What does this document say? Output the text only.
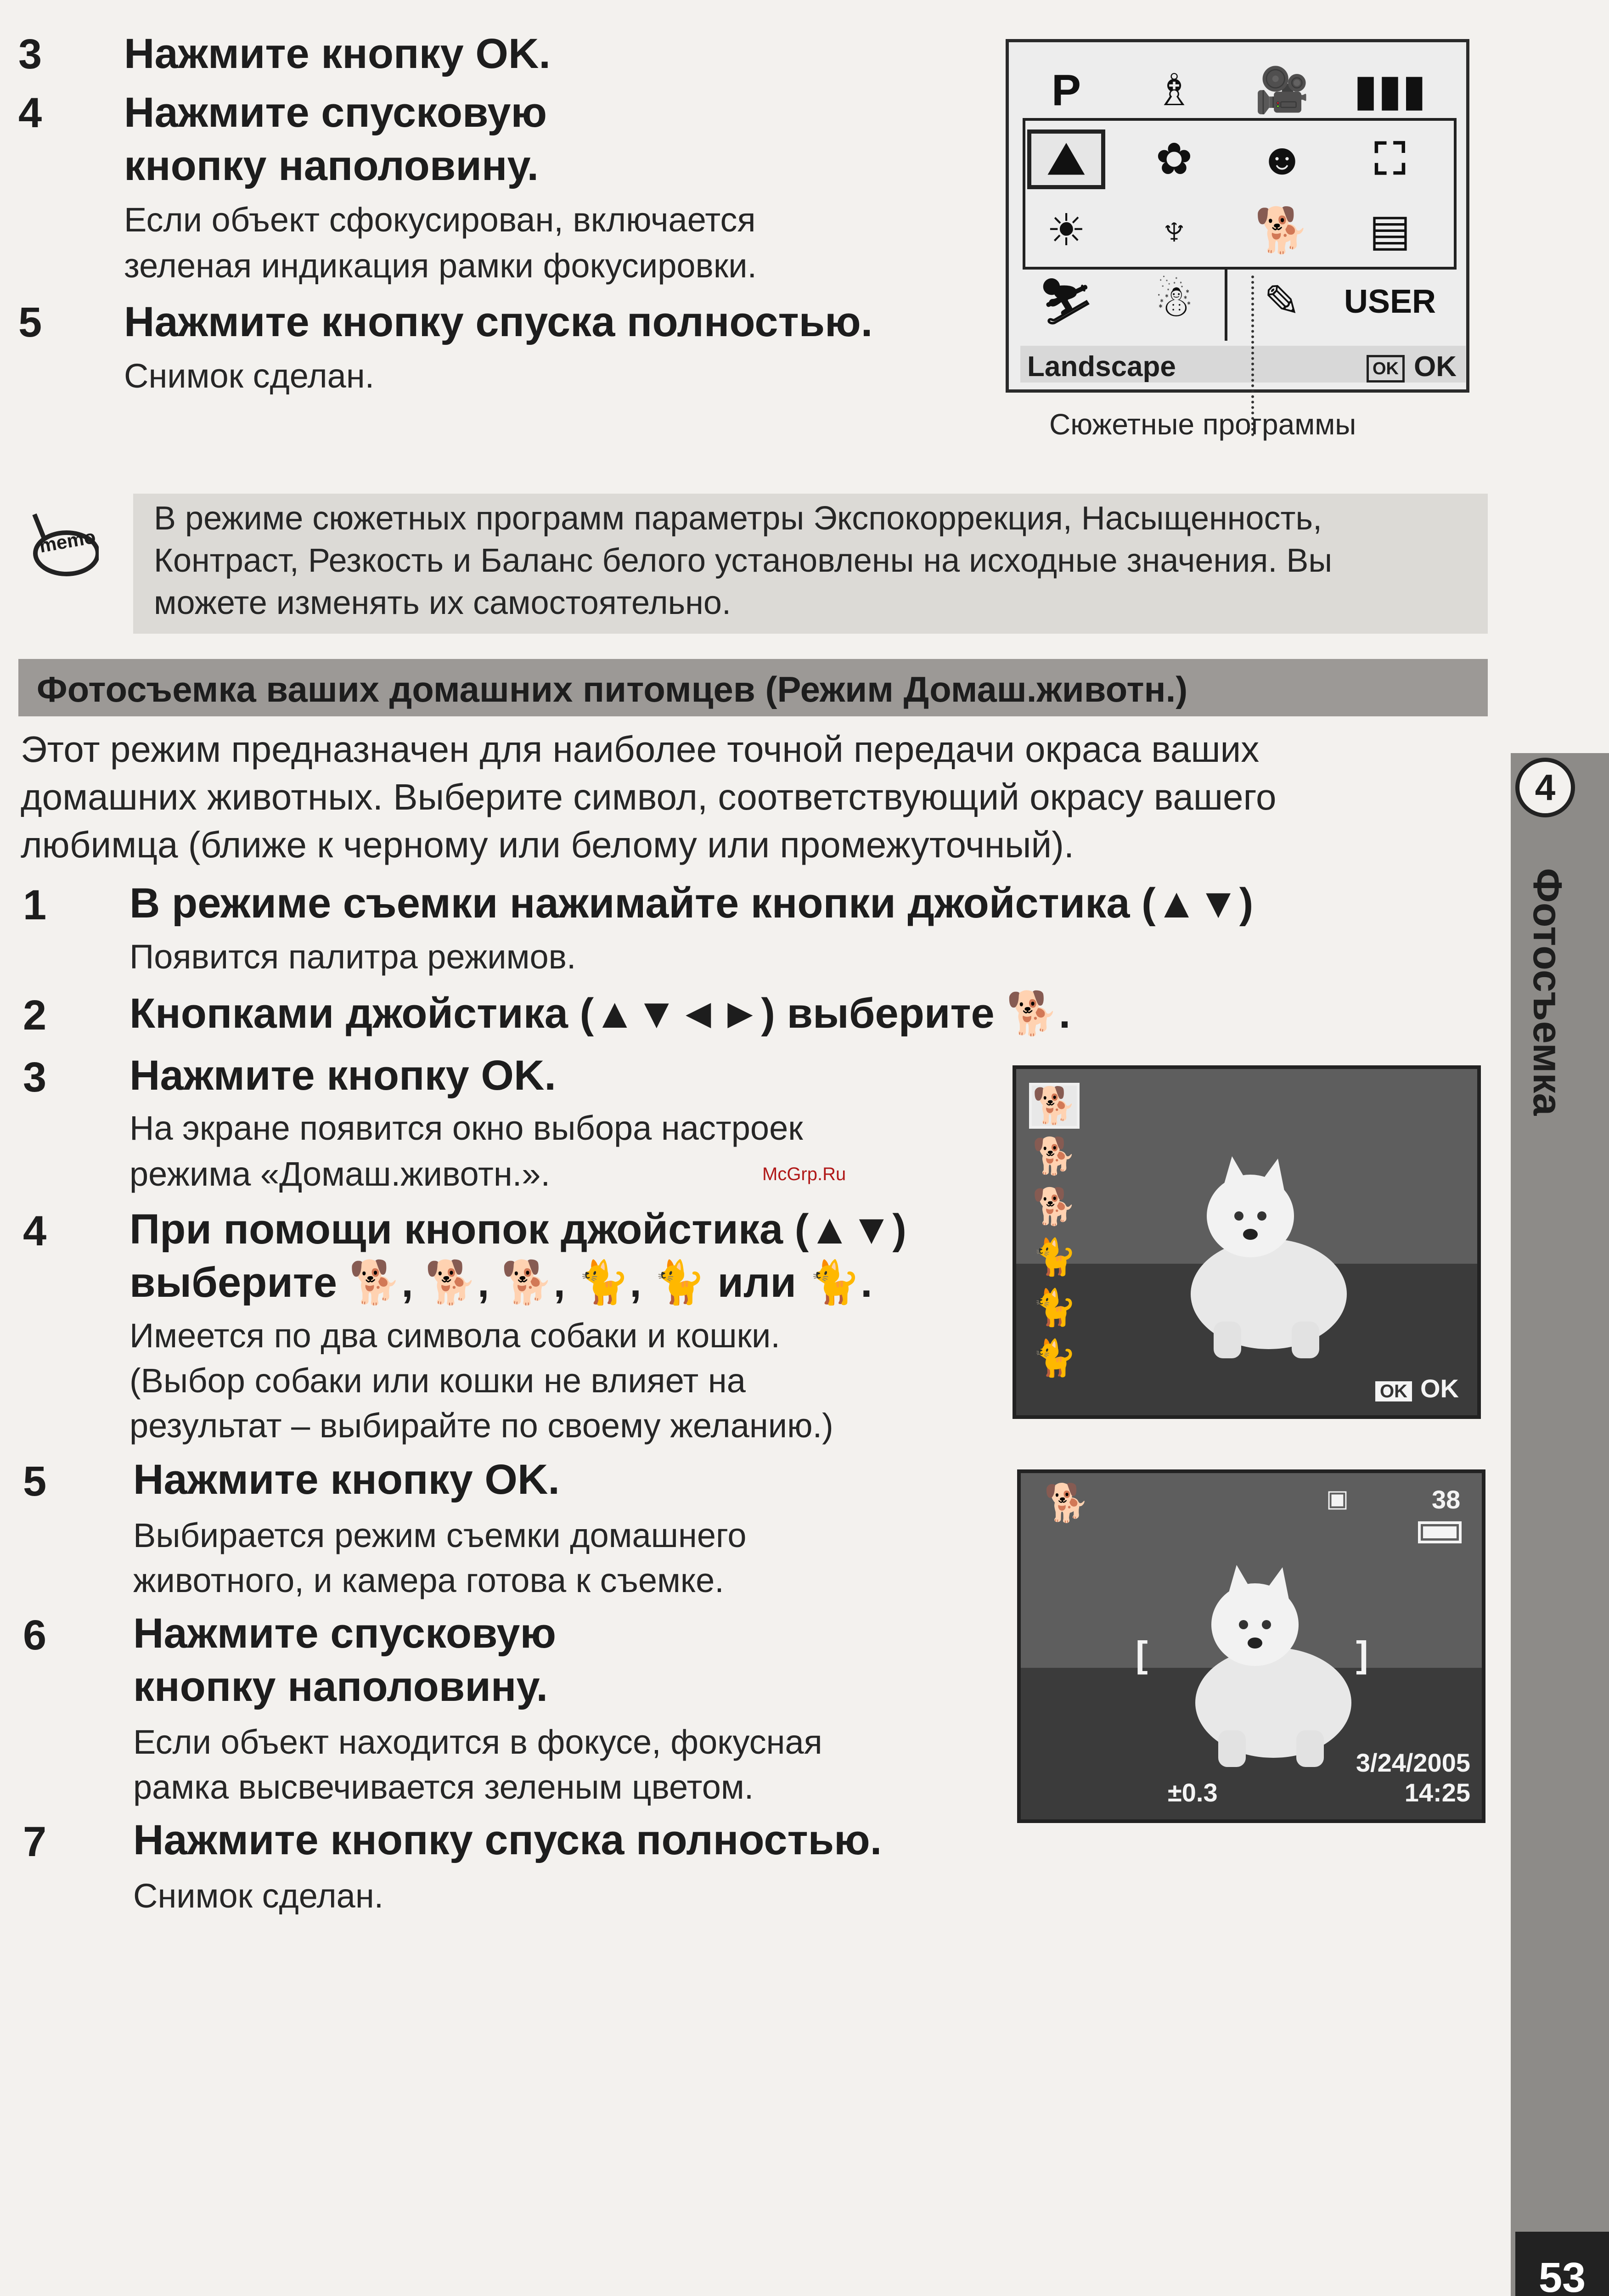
3 Нажмите кнопку OK.
4 Нажмите спусковую
кнопку наполовину.
Если объект сфокусирован, включается
зеленая индикация рамки фокусировки.
5 Нажмите кнопку спуска полностью.
Снимок сделан.
P	♗	🎥 ▮▮▮
⛰	✿	☻	⛶
☀	♆	🐕	▤
⛷	☃	✎	USER
Landscape	OK OK
Сюжетные программы
memo
В режиме сюжетных программ параметры Экспокоррекция, Насыщенность,
Контраст, Резкость и Баланс белого установлены на исходные значения. Вы
можете изменять их самостоятельно.
Фотосъемка ваших домашних питомцев (Режим Домаш.животн.)
Этот режим предназначен для наиболее точной передачи окраса ваших
домашних животных. Выберите символ, соответствующий окрасу вашего
любимца (ближе к черному или белому или промежуточный).
1 В режиме съемки нажимайте кнопки джойстика (▲▼)
Появится палитра режимов.
2 Кнопками джойстика (▲▼◄►) выберите 🐕.
3 Нажмите кнопку OK.
На экране появится окно выбора настроек
режима «Домаш.животн.».
4 При помощи кнопок джойстика (▲▼)
выберите 🐕, 🐕, 🐕, 🐈, 🐈 или 🐈.
Имеется по два символа собаки и кошки.
(Выбор собаки или кошки не влияет на
результат – выбирайте по своему желанию.)
5 Нажмите кнопку OK.
Выбирается режим съемки домашнего
животного, и камера готова к съемке.
6 Нажмите спусковую
кнопку наполовину.
Если объект находится в фокусе, фокусная
рамка высвечивается зеленым цветом.
7 Нажмите кнопку спуска полностью.
Снимок сделан.
🐕
🐕
🐕
🐈
🐈
🐈
OK OK
McGrp.Ru
🐕	▣	38
[	]
3/24/2005
±0.3	14:25
4
Фотосъемка
53
